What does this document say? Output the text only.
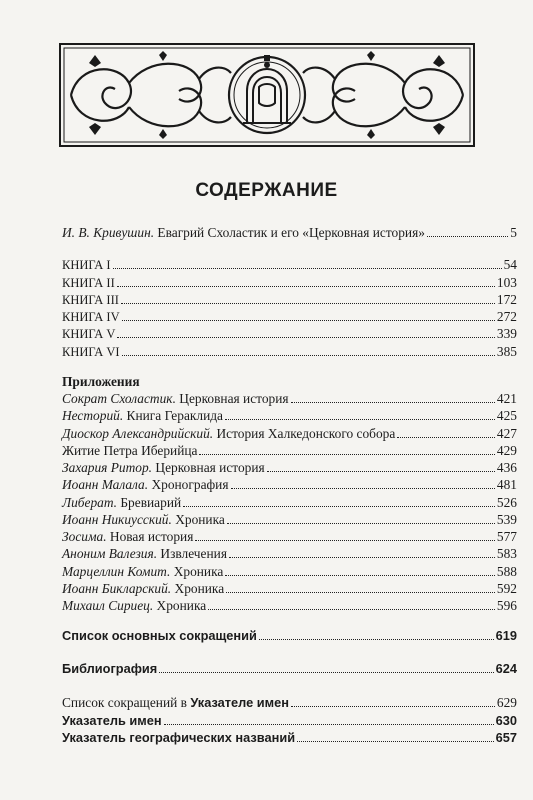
СОДЕРЖАНИЕ
И. В. Кривушин. Евагрий Схоластик и его «Церковная история»	5
КНИГА I	54
КНИГА II	103
КНИГА III	172
КНИГА IV	272
КНИГА V	339
КНИГА VI	385
Приложения
Сократ Схоластик. Церковная история	421
Несторий. Книга Гераклида	425
Диоскор Александрийский. История Халкедонского собора	427
Житие Петра Иберийца	429
Захария Ритор. Церковная история	436
Иоанн Малала. Хронография	481
Либерат. Бревиарий	526
Иоанн Никиусский. Хроника	539
Зосима. Новая история	577
Аноним Валезия. Извлечения	583
Марцеллин Комит. Хроника	588
Иоанн Бикларский. Хроника	592
Михаил Сириец. Хроника	596
Список основных сокращений	619
Библиография	624
Список сокращений в Указателе имен	629
Указатель имен	630
Указатель географических названий	657
